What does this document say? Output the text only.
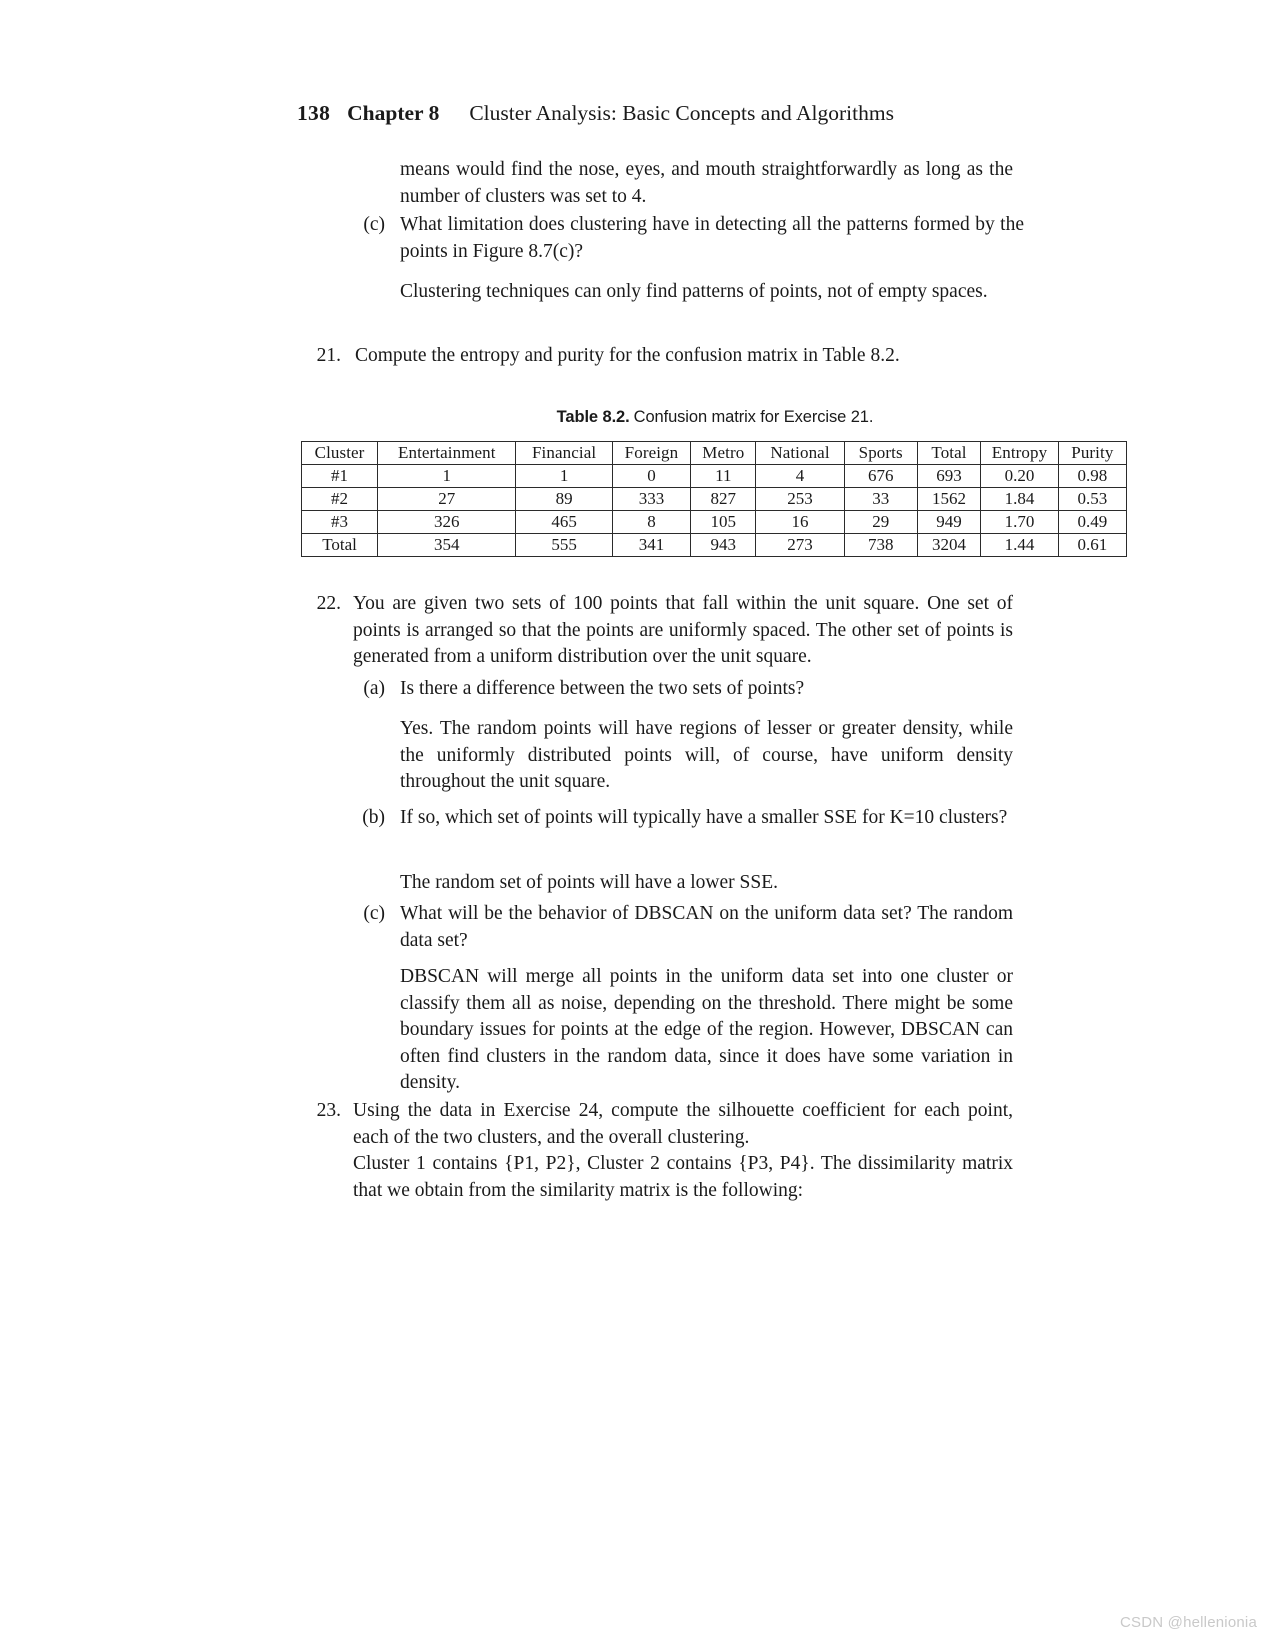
138 Chapter 8 Cluster Analysis: Basic Concepts and Algorithms
means would find the nose, eyes, and mouth straightforwardly as long as the number of clusters was set to 4.
(c) What limitation does clustering have in detecting all the patterns formed by the points in Figure 8.7(c)?
Clustering techniques can only find patterns of points, not of empty spaces.
21. Compute the entropy and purity for the confusion matrix in Table 8.2.
Table 8.2. Confusion matrix for Exercise 21.
Cluster	Entertainment	Financial	Foreign	Metro	National	Sports	Total	Entropy	Purity
#1	1	1	0	11	4	676	693	0.20	0.98
#2	27	89	333	827	253	33	1562	1.84	0.53
#3	326	465	8	105	16	29	949	1.70	0.49
Total	354	555	341	943	273	738	3204	1.44	0.61
22. You are given two sets of 100 points that fall within the unit square. One set of points is arranged so that the points are uniformly spaced. The other set of points is generated from a uniform distribution over the unit square.
(a) Is there a difference between the two sets of points?
Yes. The random points will have regions of lesser or greater density, while the uniformly distributed points will, of course, have uniform density throughout the unit square.
(b) If so, which set of points will typically have a smaller SSE for K=10 clusters?
The random set of points will have a lower SSE.
(c) What will be the behavior of DBSCAN on the uniform data set? The random data set?
DBSCAN will merge all points in the uniform data set into one cluster or classify them all as noise, depending on the threshold. There might be some boundary issues for points at the edge of the region. However, DBSCAN can often find clusters in the random data, since it does have some variation in density.
23. Using the data in Exercise 24, compute the silhouette coefficient for each point, each of the two clusters, and the overall clustering.
Cluster 1 contains {P1, P2}, Cluster 2 contains {P3, P4}. The dissimilarity matrix that we obtain from the similarity matrix is the following:
CSDN @hellenionia
